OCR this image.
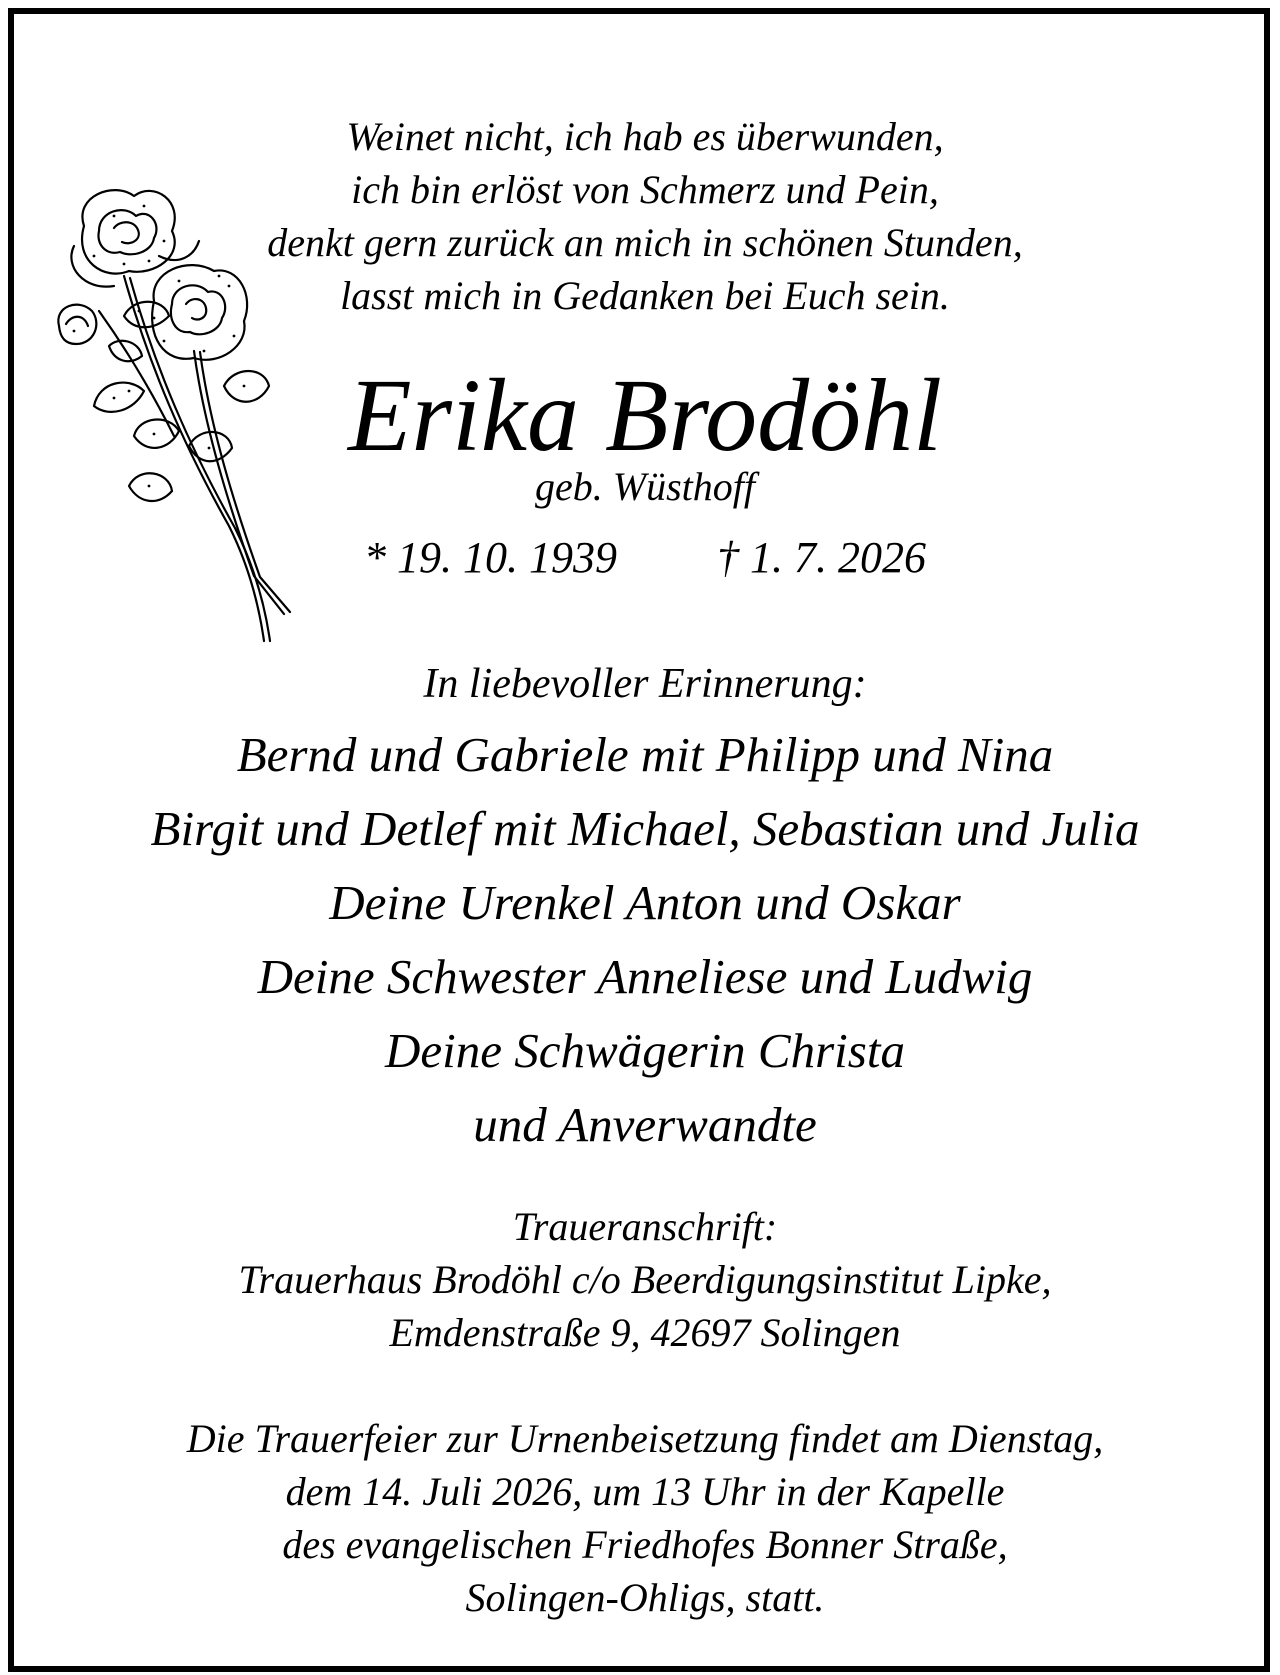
Weinet nicht, ich hab es überwunden,
ich bin erlöst von Schmerz und Pein,
denkt gern zurück an mich in schönen Stunden,
lasst mich in Gedanken bei Euch sein.
Erika Brodöhl
geb. Wüsthoff
* 19. 10. 1939 † 1. 7. 2026
In liebevoller Erinnerung:
Bernd und Gabriele mit Philipp und Nina
Birgit und Detlef mit Michael, Sebastian und Julia
Deine Urenkel Anton und Oskar
Deine Schwester Anneliese und Ludwig
Deine Schwägerin Christa
und Anverwandte
Traueranschrift:
Trauerhaus Brodöhl c/o Beerdigungsinstitut Lipke,
Emdenstraße 9, 42697 Solingen
Die Trauerfeier zur Urnenbeisetzung findet am Dienstag,
dem 14. Juli 2026, um 13 Uhr in der Kapelle
des evangelischen Friedhofes Bonner Straße,
Solingen-Ohligs, statt.
